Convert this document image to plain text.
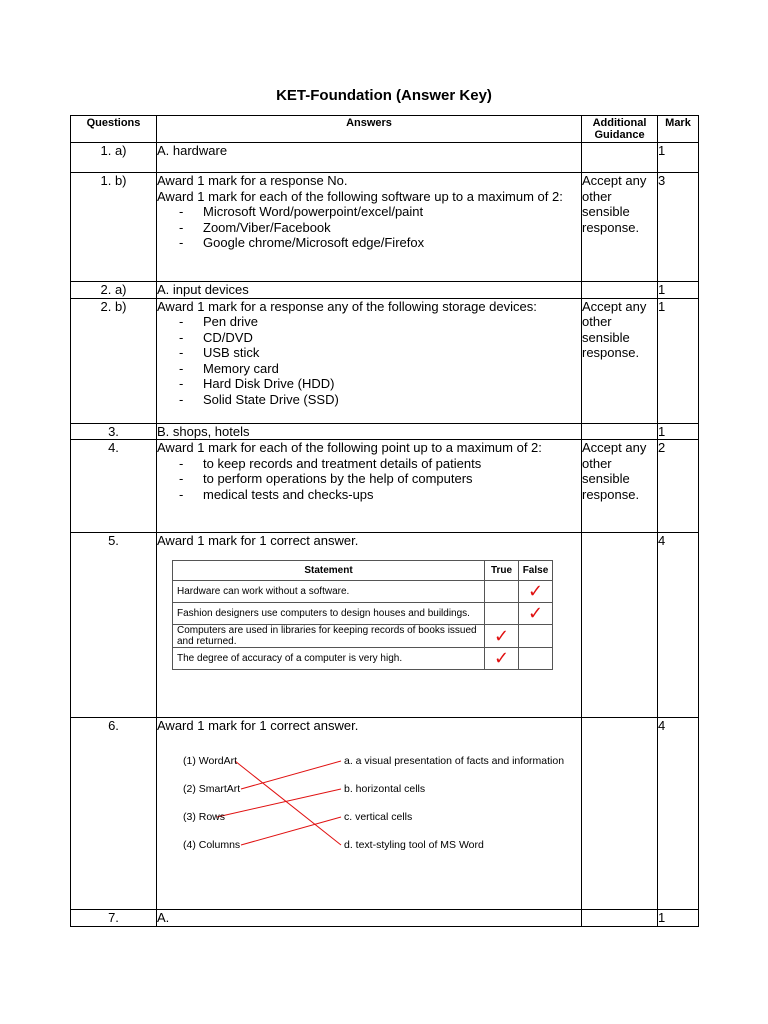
KET-Foundation (Answer Key)
Questions	Answers	Additional Guidance	Mark
1. a)	A. hardware		1
1. b)	Award 1 mark for a response No.
Award 1 mark for each of the following software up to a maximum of 2:
- Microsoft Word/powerpoint/excel/paint
- Zoom/Viber/Facebook
- Google chrome/Microsoft edge/Firefox
	Accept any other sensible response.	3
2. a)	A. input devices		1
2. b)	Award 1 mark for a response any of the following storage devices:
- Pen drive
- CD/DVD
- USB stick
- Memory card
- Hard Disk Drive (HDD)
- Solid State Drive (SSD)
	Accept any other sensible response.	1
3.	B. shops, hotels		1
4.	Award 1 mark for each of the following point up to a maximum of 2:
- to keep records and treatment details of patients
- to perform operations by the help of computers
- medical tests and checks-ups
	Accept any other sensible response.	2
5.	Award 1 mark for 1 correct answer.
Statement	True	False
Hardware can work without a software.		✓
Fashion designers use computers to design houses and buildings.		✓
Computers are used in libraries for keeping records of books issued and returned.	✓	
The degree of accuracy of a computer is very high.	✓	
		4
6.	Award 1 mark for 1 correct answer.
(1) WordArt
(2) SmartArt
(3) Rows
(4) Columns
a. a visual presentation of facts and information
b. horizontal cells
c. vertical cells
d. text-styling tool of MS Word
		4
7.	A.		1
